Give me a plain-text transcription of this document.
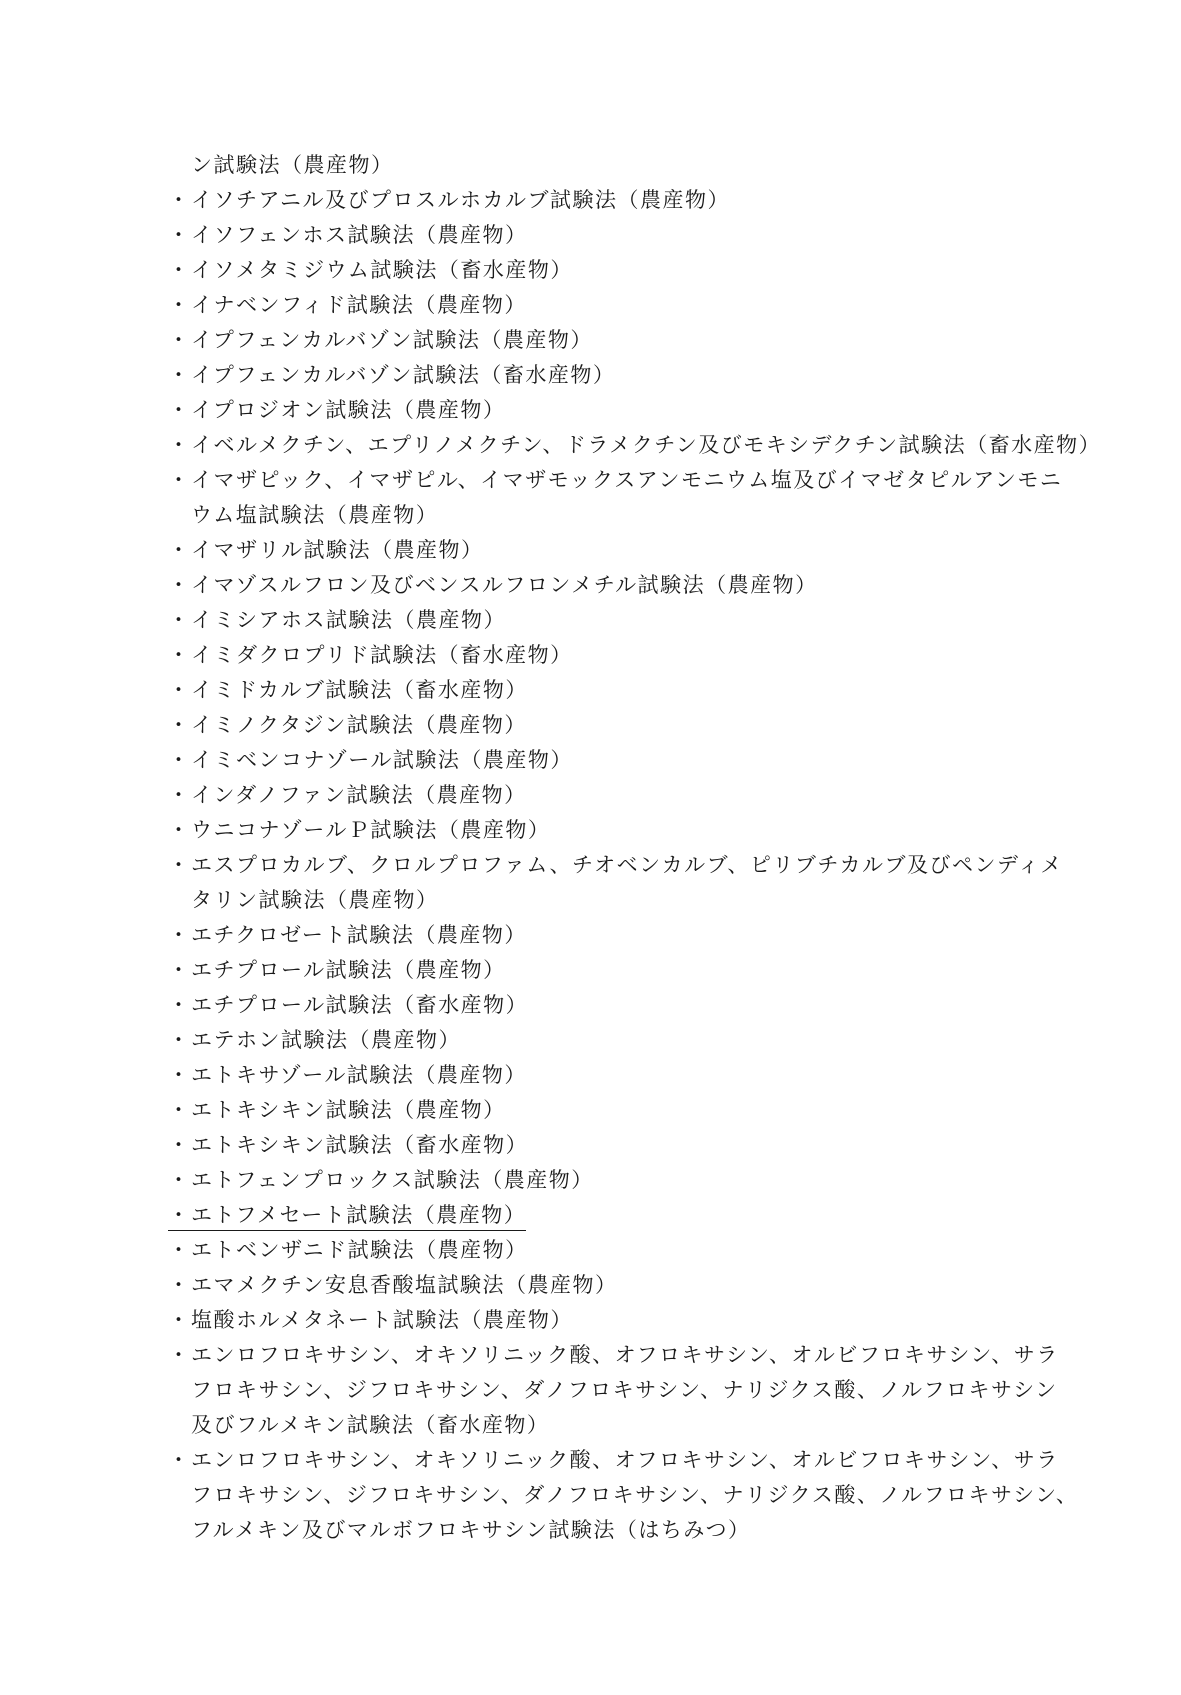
ン試験法（農産物）
・イソチアニル及びプロスルホカルブ試験法（農産物）
・イソフェンホス試験法（農産物）
・イソメタミジウム試験法（畜水産物）
・イナベンフィド試験法（農産物）
・イプフェンカルバゾン試験法（農産物）
・イプフェンカルバゾン試験法（畜水産物）
・イプロジオン試験法（農産物）
・イベルメクチン、エプリノメクチン、ドラメクチン及びモキシデクチン試験法（畜水産物）
・イマザピック、イマザピル、イマザモックスアンモニウム塩及びイマゼタピルアンモニ
ウム塩試験法（農産物）
・イマザリル試験法（農産物）
・イマゾスルフロン及びベンスルフロンメチル試験法（農産物）
・イミシアホス試験法（農産物）
・イミダクロプリド試験法（畜水産物）
・イミドカルブ試験法（畜水産物）
・イミノクタジン試験法（農産物）
・イミベンコナゾール試験法（農産物）
・インダノファン試験法（農産物）
・ウニコナゾールＰ試験法（農産物）
・エスプロカルブ、クロルプロファム、チオベンカルブ、ピリブチカルブ及びペンディメ
タリン試験法（農産物）
・エチクロゼート試験法（農産物）
・エチプロール試験法（農産物）
・エチプロール試験法（畜水産物）
・エテホン試験法（農産物）
・エトキサゾール試験法（農産物）
・エトキシキン試験法（農産物）
・エトキシキン試験法（畜水産物）
・エトフェンプロックス試験法（農産物）
・エトフメセート試験法（農産物）
・エトベンザニド試験法（農産物）
・エマメクチン安息香酸塩試験法（農産物）
・塩酸ホルメタネート試験法（農産物）
・エンロフロキサシン、オキソリニック酸、オフロキサシン、オルビフロキサシン、サラ
フロキサシン、ジフロキサシン、ダノフロキサシン、ナリジクス酸、ノルフロキサシン
及びフルメキン試験法（畜水産物）
・エンロフロキサシン、オキソリニック酸、オフロキサシン、オルビフロキサシン、サラ
フロキサシン、ジフロキサシン、ダノフロキサシン、ナリジクス酸、ノルフロキサシン、
フルメキン及びマルボフロキサシン試験法（はちみつ）
